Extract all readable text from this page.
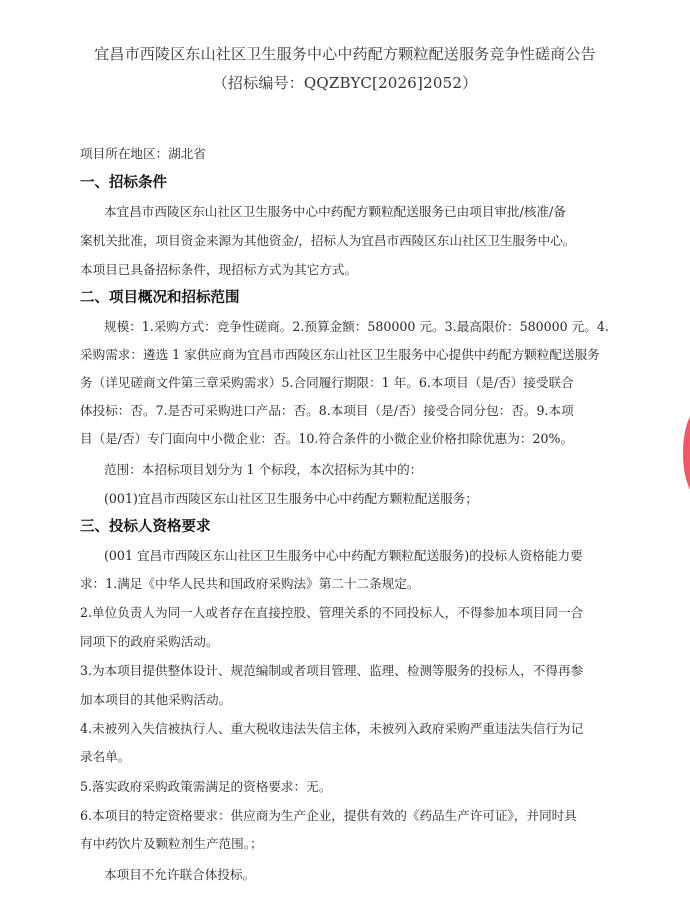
宜昌市西陵区东山社区卫生服务中心中药配方颗粒配送服务竞争性磋商公告
（招标编号：QQZBYC[2026]2052）
项目所在地区：湖北省
一、招标条件
本宜昌市西陵区东山社区卫生服务中心中药配方颗粒配送服务已由项目审批/核准/备
案机关批准，项目资金来源为其他资金/，招标人为宜昌市西陵区东山社区卫生服务中心。
本项目已具备招标条件，现招标方式为其它方式。
二、项目概况和招标范围
规模：1.采购方式：竞争性磋商。2.预算金额：580000 元。3.最高限价：580000 元。4.
采购需求：遴选 1 家供应商为宜昌市西陵区东山社区卫生服务中心提供中药配方颗粒配送服务
务（详见磋商文件第三章采购需求）5.合同履行期限：1 年。6.本项目（是/否）接受联合
体投标：否。7.是否可采购进口产品：否。8.本项目（是/否）接受合同分包：否。9.本项
目（是/否）专门面向中小微企业：否。10.符合条件的小微企业价格扣除优惠为：20%。
范围：本招标项目划分为 1 个标段，本次招标为其中的：
(001)宜昌市西陵区东山社区卫生服务中心中药配方颗粒配送服务；
三、投标人资格要求
(001 宜昌市西陵区东山社区卫生服务中心中药配方颗粒配送服务)的投标人资格能力要
求：1.满足《中华人民共和国政府采购法》第二十二条规定。
2.单位负责人为同一人或者存在直接控股、管理关系的不同投标人，不得参加本项目同一合
同项下的政府采购活动。
3.为本项目提供整体设计、规范编制或者项目管理、监理、检测等服务的投标人，不得再参
加本项目的其他采购活动。
4.未被列入失信被执行人、重大税收违法失信主体，未被列入政府采购严重违法失信行为记
录名单。
5.落实政府采购政策需满足的资格要求：无。
6.本项目的特定资格要求：供应商为生产企业，提供有效的《药品生产许可证》，并同时具
有中药饮片及颗粒剂生产范围。；
本项目不允许联合体投标。
